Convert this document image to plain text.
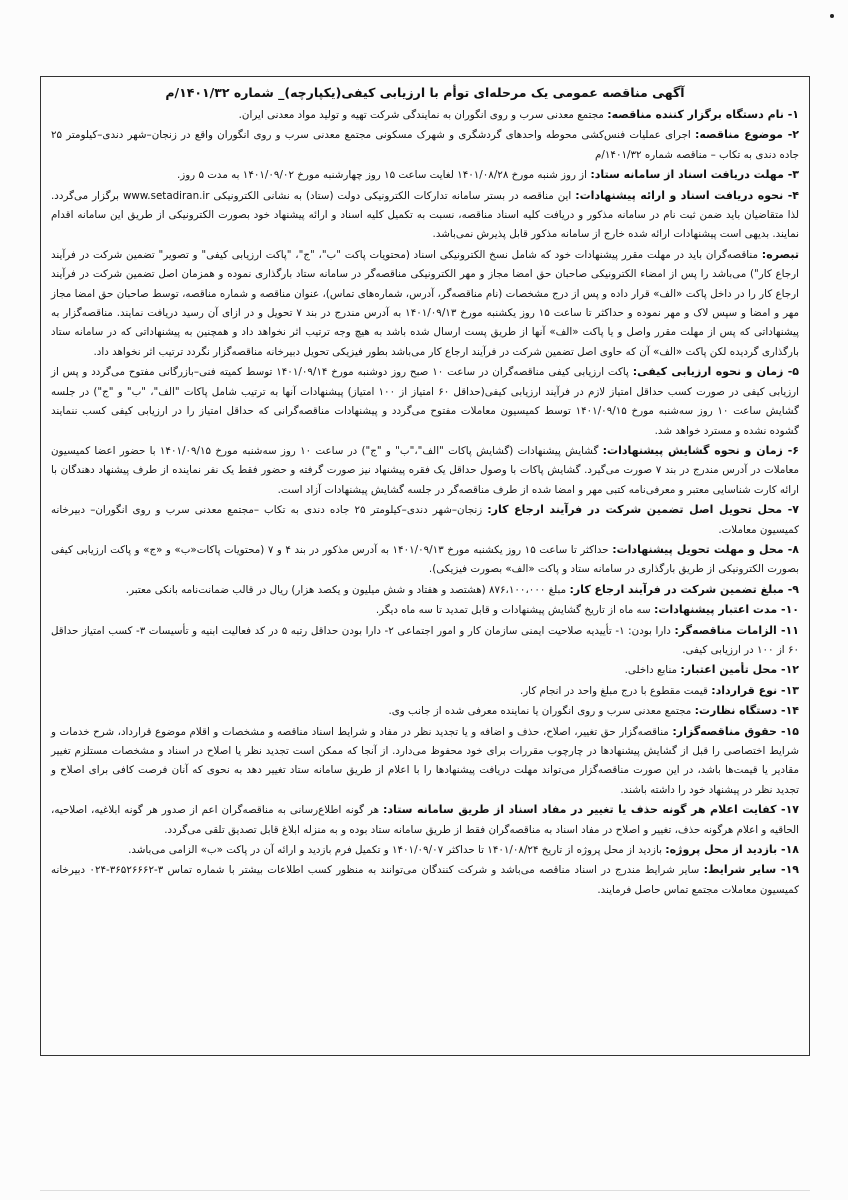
آگهی مناقصه عمومی یک مرحله‌ای توأم با ارزیابی کیفی(یکپارچه)_ شماره ۱۴۰۱/۳۲/م

۱- نام دستگاه برگزار کننده مناقصه: مجتمع معدنی سرب و روی انگوران به نمایندگی شرکت تهیه و تولید مواد معدنی ایران.

۲- موضوع مناقصه: اجرای عملیات فنس‌کشی محوطه واحدهای گردشگری و شهرک مسکونی مجتمع معدنی سرب و روی انگوران واقع در زنجان–شهر دندی–کیلومتر ۲۵ جاده دندی به تکاب – مناقصه شماره ۱۴۰۱/۳۲/م

۳- مهلت دریافت اسناد از سامانه ستاد: از روز شنبه مورخ ۱۴۰۱/۰۸/۲۸ لغایت ساعت ۱۵ روز چهارشنبه مورخ ۱۴۰۱/۰۹/۰۲ به مدت ۵ روز.

۴- نحوه دریافت اسناد و ارائه پیشنهادات: این مناقصه در بستر سامانه تدارکات الکترونیکی دولت (ستاد) به نشانی الکترونیکی www.setadiran.ir برگزار می‌گردد. لذا متقاضیان باید ضمن ثبت نام در سامانه مذکور و دریافت کلیه اسناد مناقصه، نسبت به تکمیل کلیه اسناد و ارائه پیشنهاد خود بصورت الکترونیکی از طریق این سامانه اقدام نمایند. بدیهی است پیشنهادات ارائه شده خارج از سامانه مذکور قابل پذیرش نمی‌باشد.

تبصره: مناقصه‌گران باید در مهلت مقرر پیشنهادات خود که شامل نسخ الکترونیکی اسناد (محتویات پاکت "ب"، "ج"، "پاکت ارزیابی کیفی" و تصویر" تضمین شرکت در فرآیند ارجاع کار") می‌باشد را پس از امضاء الکترونیکی صاحبان حق امضا مجاز و مهر الکترونیکی مناقصه‌گر در سامانه ستاد بارگذاری نموده و همزمان اصل تضمین شرکت در فرآیند ارجاع کار را در داخل پاکت «الف» قرار داده و پس از درج مشخصات (نام مناقصه‌گر، آدرس، شماره‌های تماس)، عنوان مناقصه و شماره مناقصه، توسط صاحبان حق امضا مجاز مهر و امضا و سپس لاک و مهر نموده و حداکثر تا ساعت ۱۵ روز یکشنبه مورخ ۱۴۰۱/۰۹/۱۳ به آدرس مندرج در بند ۷ تحویل و در ازای آن رسید دریافت نمایند. مناقصه‌گزار به پیشنهاداتی که پس از مهلت مقرر واصل و یا پاکت «الف» آنها از طریق پست ارسال شده باشد به هیچ وجه ترتیب اثر نخواهد داد و همچنین به پیشنهاداتی که در سامانه ستاد بارگذاری گردیده لکن پاکت «الف» آن که حاوی اصل تضمین شرکت در فرآیند ارجاع کار می‌باشد بطور فیزیکی تحویل دبیرخانه مناقصه‌گزار نگردد ترتیب اثر نخواهد داد.

۵- زمان و نحوه ارزیابی کیفی: پاکت ارزیابی کیفی مناقصه‌گران در ساعت ۱۰ صبح روز دوشنبه مورخ ۱۴۰۱/۰۹/۱۴ توسط کمیته فنی–بازرگانی مفتوح می‌گردد و پس از ارزیابی کیفی در صورت کسب حداقل امتیاز لازم در فرآیند ارزیابی کیفی(حداقل ۶۰ امتیاز از ۱۰۰ امتیاز) پیشنهادات آنها به ترتیب شامل پاکات "الف"، "ب" و "ج") در جلسه گشایش ساعت ۱۰ روز سه‌شنبه مورخ ۱۴۰۱/۰۹/۱۵ توسط کمیسیون معاملات مفتوح می‌گردد و پیشنهادات مناقصه‌گرانی که حداقل امتیاز را در ارزیابی کیفی کسب ننمایند گشوده نشده و مسترد خواهد شد.

۶- زمان و نحوه گشایش پیشنهادات: گشایش پیشنهادات (گشایش پاکات "الف"،"ب" و "ج") در ساعت ۱۰ روز سه‌شنبه مورخ ۱۴۰۱/۰۹/۱۵ با حضور اعضا کمیسیون معاملات در آدرس مندرج در بند ۷ صورت می‌گیرد. گشایش پاکات با وصول حداقل یک فقره پیشنهاد نیز صورت گرفته و حضور فقط یک نفر نماینده از طرف پیشنهاد دهندگان با ارائه کارت شناسایی معتبر و معرفی‌نامه کتبی مهر و امضا شده از طرف مناقصه‌گر در جلسه گشایش پیشنهادات آزاد است.

۷- محل تحویل اصل تضمین شرکت در فرآیند ارجاع کار: زنجان–شهر دندی–کیلومتر ۲۵ جاده دندی به تکاب –مجتمع معدنی سرب و روی انگوران– دبیرخانه کمیسیون معاملات.

۸- محل و مهلت تحویل پیشنهادات: حداکثر تا ساعت ۱۵ روز یکشنبه مورخ ۱۴۰۱/۰۹/۱۳ به آدرس مذکور در بند ۴ و ۷ (محتویات پاکات«ب» و «ج» و پاکت ارزیابی کیفی بصورت الکترونیکی از طریق بارگذاری در سامانه ستاد و پاکت «الف» بصورت فیزیکی).

۹- مبلغ تضمین شرکت در فرآیند ارجاع کار: مبلغ ۸۷۶،۱۰۰،۰۰۰ (هشتصد و هفتاد و شش میلیون و یکصد هزار) ریال در قالب ضمانت‌نامه بانکی معتبر.

۱۰- مدت اعتبار پیشنهادات: سه ماه از تاریخ گشایش پیشنهادات و قابل تمدید تا سه ماه دیگر.

۱۱- الزامات مناقصه‌گر: دارا بودن: ۱- تأییدیه صلاحیت ایمنی سازمان کار و امور اجتماعی ۲- دارا بودن حداقل رتبه ۵ در کد فعالیت ابنیه و تأسیسات ۳- کسب امتیاز حداقل ۶۰ از ۱۰۰ در ارزیابی کیفی.

۱۲- محل تأمین اعتبار: منابع داخلی.

۱۳- نوع قرارداد: قیمت مقطوع با درج مبلغ واحد در انجام کار.

۱۴- دستگاه نظارت: مجتمع معدنی سرب و روی انگوران یا نماینده معرفی شده از جانب وی.

۱۵- حقوق مناقصه‌گزار: مناقصه‌گزار حق تغییر، اصلاح، حذف و اضافه و یا تجدید نظر در مفاد و شرایط اسناد مناقصه و مشخصات و اقلام موضوع قرارداد، شرح خدمات و شرایط اختصاصی را قبل از گشایش پیشنهادها در چارچوب مقررات برای خود محفوظ می‌دارد. از آنجا که ممکن است تجدید نظر یا اصلاح در اسناد و مشخصات مستلزم تغییر مقادیر یا قیمت‌ها باشد، در این صورت مناقصه‌گزار می‌تواند مهلت دریافت پیشنهادها را با اعلام از طریق سامانه ستاد تغییر دهد به نحوی که آنان فرصت کافی برای اصلاح و تجدید نظر در پیشنهاد خود را داشته باشند.

۱۷- کفایت اعلام هر گونه حذف یا تغییر در مفاد اسناد از طریق سامانه ستاد: هر گونه اطلاع‌رسانی به مناقصه‌گران اعم از صدور هر گونه ابلاغیه، اصلاحیه، الحاقیه و اعلام هرگونه حذف، تغییر و اصلاح در مفاد اسناد به مناقصه‌گران فقط از طریق سامانه ستاد بوده و به منزله ابلاغ قابل تصدیق تلقی می‌گردد.

۱۸- بازدید از محل پروژه: بازدید از محل پروژه از تاریخ ۱۴۰۱/۰۸/۲۴ تا حداکثر ۱۴۰۱/۰۹/۰۷ و تکمیل فرم بازدید و ارائه آن در پاکت «ب» الزامی می‌باشد.

۱۹- سایر شرایط: سایر شرایط مندرج در اسناد مناقصه می‌باشد و شرکت کنندگان می‌توانند به منظور کسب اطلاعات بیشتر با شماره تماس ۳-۳۶۵۲۶۶۶۲-۰۲۴ دبیرخانه کمیسیون معاملات مجتمع تماس حاصل فرمایند.
